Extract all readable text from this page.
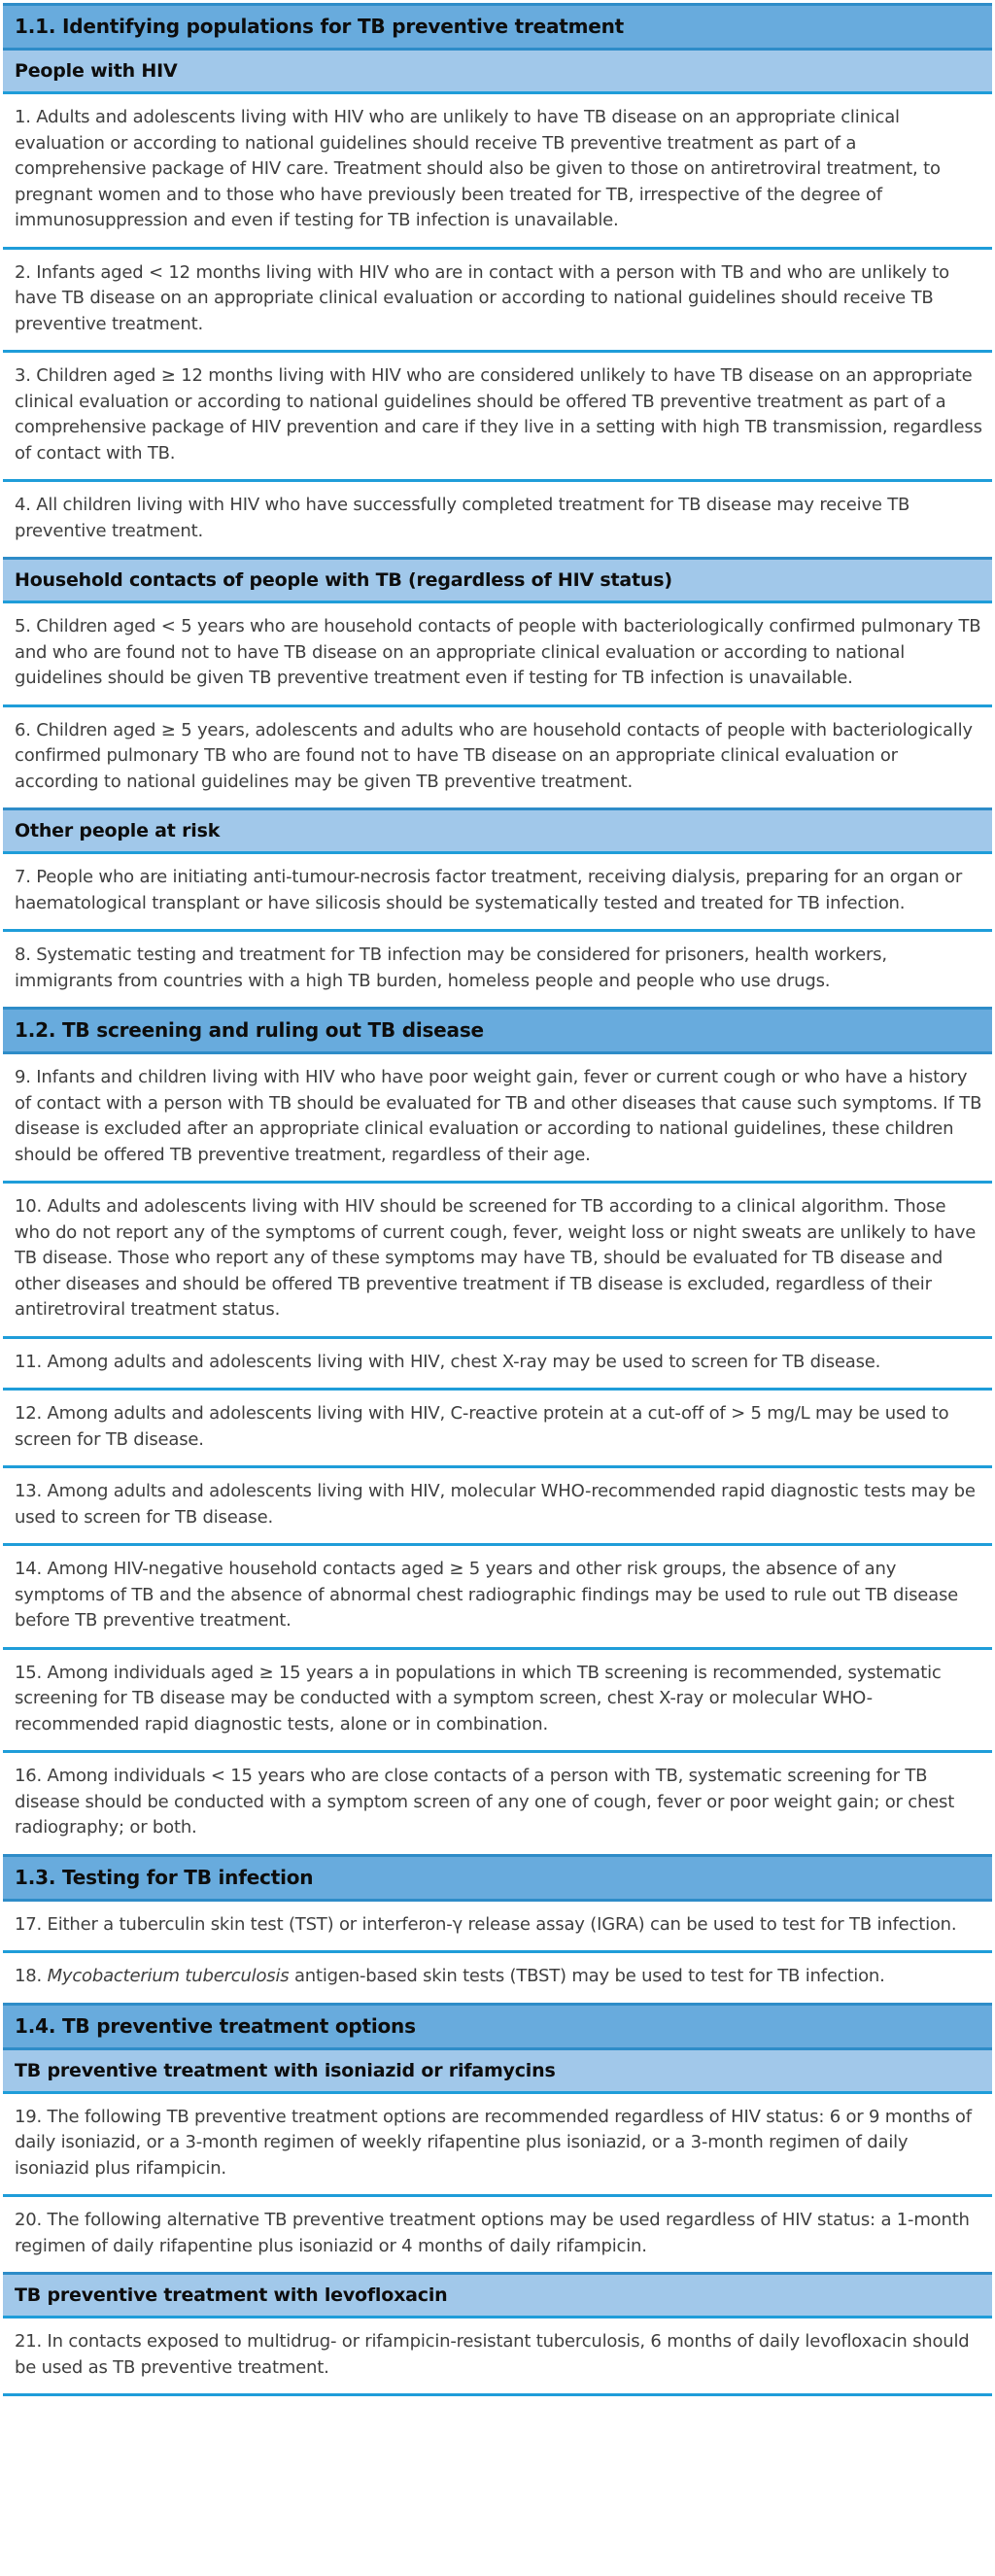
1.1. Identifying populations for TB preventive treatment
People with HIV
1. Adults and adolescents living with HIV who are unlikely to have TB disease on an appropriate clinical evaluation or according to national guidelines should receive TB preventive treatment as part of a comprehensive package of HIV care. Treatment should also be given to those on antiretroviral treatment, to pregnant women and to those who have previously been treated for TB, irrespective of the degree of immunosuppression and even if testing for TB infection is unavailable.
2. Infants aged < 12 months living with HIV who are in contact with a person with TB and who are unlikely to have TB disease on an appropriate clinical evaluation or according to national guidelines should receive TB preventive treatment.
3. Children aged ≥ 12 months living with HIV who are considered unlikely to have TB disease on an appropriate clinical evaluation or according to national guidelines should be offered TB preventive treatment as part of a comprehensive package of HIV prevention and care if they live in a setting with high TB transmission, regardless of contact with TB.
4. All children living with HIV who have successfully completed treatment for TB disease may receive TB preventive treatment.
Household contacts of people with TB (regardless of HIV status)
5. Children aged < 5 years who are household contacts of people with bacteriologically confirmed pulmonary TB and who are found not to have TB disease on an appropriate clinical evaluation or according to national guidelines should be given TB preventive treatment even if testing for TB infection is unavailable.
6. Children aged ≥ 5 years, adolescents and adults who are household contacts of people with bacteriologically confirmed pulmonary TB who are found not to have TB disease on an appropriate clinical evaluation or according to national guidelines may be given TB preventive treatment.
Other people at risk
7. People who are initiating anti-tumour-necrosis factor treatment, receiving dialysis, preparing for an organ or haematological transplant or have silicosis should be systematically tested and treated for TB infection.
8. Systematic testing and treatment for TB infection may be considered for prisoners, health workers, immigrants from countries with a high TB burden, homeless people and people who use drugs.
1.2. TB screening and ruling out TB disease
9. Infants and children living with HIV who have poor weight gain, fever or current cough or who have a history of contact with a person with TB should be evaluated for TB and other diseases that cause such symptoms. If TB disease is excluded after an appropriate clinical evaluation or according to national guidelines, these children should be offered TB preventive treatment, regardless of their age.
10. Adults and adolescents living with HIV should be screened for TB according to a clinical algorithm. Those who do not report any of the symptoms of current cough, fever, weight loss or night sweats are unlikely to have TB disease. Those who report any of these symptoms may have TB, should be evaluated for TB disease and other diseases and should be offered TB preventive treatment if TB disease is excluded, regardless of their antiretroviral treatment status.
11. Among adults and adolescents living with HIV, chest X-ray may be used to screen for TB disease.
12. Among adults and adolescents living with HIV, C-reactive protein at a cut-off of > 5 mg/L may be used to screen for TB disease.
13. Among adults and adolescents living with HIV, molecular WHO-recommended rapid diagnostic tests may be used to screen for TB disease.
14. Among HIV-negative household contacts aged ≥ 5 years and other risk groups, the absence of any symptoms of TB and the absence of abnormal chest radiographic findings may be used to rule out TB disease before TB preventive treatment.
15. Among individuals aged ≥ 15 years a in populations in which TB screening is recommended, systematic screening for TB disease may be conducted with a symptom screen, chest X-ray or molecular WHO-recommended rapid diagnostic tests, alone or in combination.
16. Among individuals < 15 years who are close contacts of a person with TB, systematic screening for TB disease should be conducted with a symptom screen of any one of cough, fever or poor weight gain; or chest radiography; or both.
1.3. Testing for TB infection
17. Either a tuberculin skin test (TST) or interferon-γ release assay (IGRA) can be used to test for TB infection.
18. Mycobacterium tuberculosis antigen-based skin tests (TBST) may be used to test for TB infection.
1.4. TB preventive treatment options
TB preventive treatment with isoniazid or rifamycins
19. The following TB preventive treatment options are recommended regardless of HIV status: 6 or 9 months of daily isoniazid, or a 3-month regimen of weekly rifapentine plus isoniazid, or a 3-month regimen of daily isoniazid plus rifampicin.
20. The following alternative TB preventive treatment options may be used regardless of HIV status: a 1-month regimen of daily rifapentine plus isoniazid or 4 months of daily rifampicin.
TB preventive treatment with levofloxacin
21. In contacts exposed to multidrug- or rifampicin-resistant tuberculosis, 6 months of daily levofloxacin should be used as TB preventive treatment.
